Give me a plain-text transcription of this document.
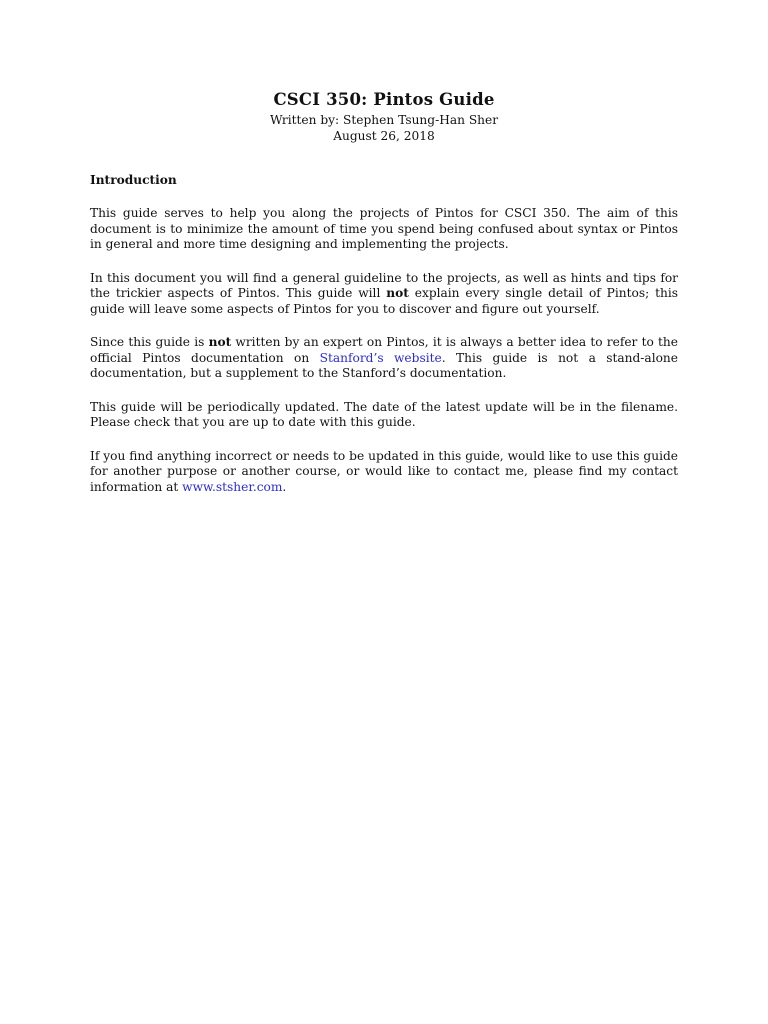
CSCI 350: Pintos Guide

Written by: Stephen Tsung-Han Sher

August 26, 2018

Introduction

This guide serves to help you along the projects of Pintos for CSCI 350. The aim of this document is to minimize the amount of time you spend being confused about syntax or Pintos in general and more time designing and implementing the projects.

In this document you will find a general guideline to the projects, as well as hints and tips for the trickier aspects of Pintos. This guide will not explain every single detail of Pintos; this guide will leave some aspects of Pintos for you to discover and figure out yourself.

Since this guide is not written by an expert on Pintos, it is always a better idea to refer to the official Pintos documentation on Stanford’s website. This guide is not a stand-alone documentation, but a supplement to the Stanford’s documentation.

This guide will be periodically updated. The date of the latest update will be in the filename. Please check that you are up to date with this guide.

If you find anything incorrect or needs to be updated in this guide, would like to use this guide for another purpose or another course, or would like to contact me, please find my contact information at www.stsher.com.
